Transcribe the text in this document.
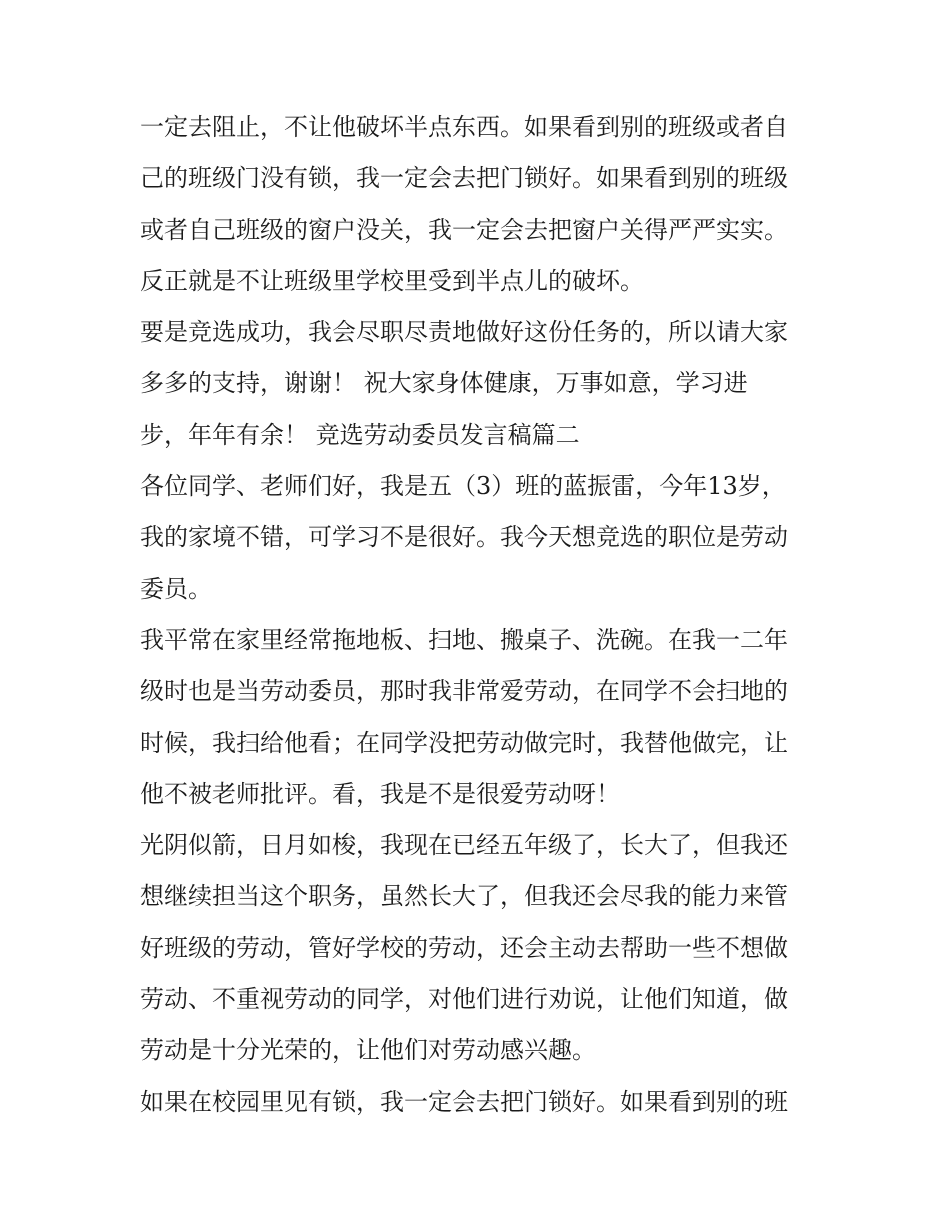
一定去阻止，不让他破坏半点东西。如果看到别的班级或者自
己的班级门没有锁，我一定会去把门锁好。如果看到别的班级
或者自己班级的窗户没关，我一定会去把窗户关得严严实实。
反正就是不让班级里学校里受到半点儿的破坏。
要是竞选成功，我会尽职尽责地做好这份任务的，所以请大家
多多的支持，谢谢！ 祝大家身体健康，万事如意，学习进
步，年年有余！ 竞选劳动委员发言稿篇二
各位同学、老师们好，我是五（3）班的蓝振雷，今年13岁，
我的家境不错，可学习不是很好。我今天想竞选的职位是劳动
委员。
我平常在家里经常拖地板、扫地、搬桌子、洗碗。在我一二年
级时也是当劳动委员，那时我非常爱劳动，在同学不会扫地的
时候，我扫给他看；在同学没把劳动做完时，我替他做完，让
他不被老师批评。看，我是不是很爱劳动呀！
光阴似箭，日月如梭，我现在已经五年级了，长大了，但我还
想继续担当这个职务，虽然长大了，但我还会尽我的能力来管
好班级的劳动，管好学校的劳动，还会主动去帮助一些不想做
劳动、不重视劳动的同学，对他们进行劝说，让他们知道，做
劳动是十分光荣的，让他们对劳动感兴趣。
如果在校园里见有锁，我一定会去把门锁好。如果看到别的班
